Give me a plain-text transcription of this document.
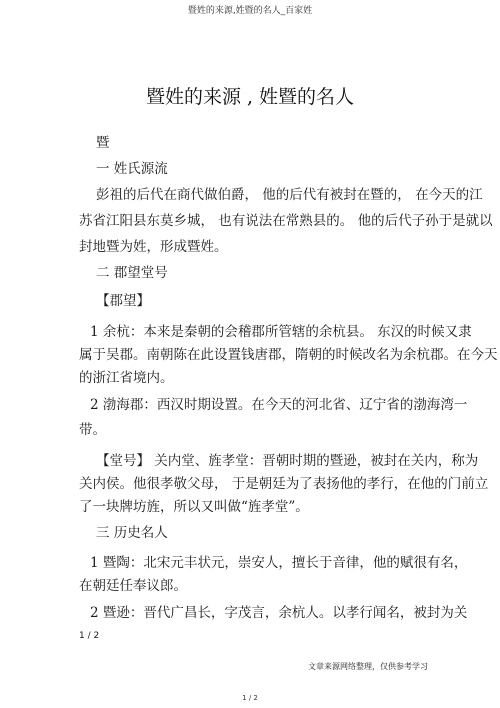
暨姓的来源,姓暨的名人_百家姓
暨姓的来源 , 姓暨的名人
暨
一 姓氏源流
彭祖的后代在商代做伯爵， 他的后代有被封在暨的， 在今天的江
苏省江阳县东莫乡城， 也有说法在常熟县的。 他的后代子孙于是就以
封地暨为姓，形成暨姓。
二 郡望堂号
【郡望】
1 余杭：本来是秦朝的会稽郡所管辖的余杭县。 东汉的时候又隶
属于吴郡。南朝陈在此设置钱唐郡，隋朝的时候改名为余杭郡。在今天
的浙江省境内。
2 渤海郡：西汉时期设置。在今天的河北省、辽宁省的渤海湾一
带。
【堂号】 关内堂、旌孝堂：晋朝时期的暨逊，被封在关内，称为
关内侯。他很孝敬父母， 于是朝廷为了表扬他的孝行，在他的门前立
了一块牌坊旌，所以又叫做“旌孝堂”。
三 历史名人
1 暨陶：北宋元丰状元，崇安人，擅长于音律，他的赋很有名，
在朝廷任奉议郎。
2 暨逊：晋代广昌长，字茂言，余杭人。以孝行闻名，被封为关
1 / 2
文章来源网络整理，仅供参考学习
1 / 2
